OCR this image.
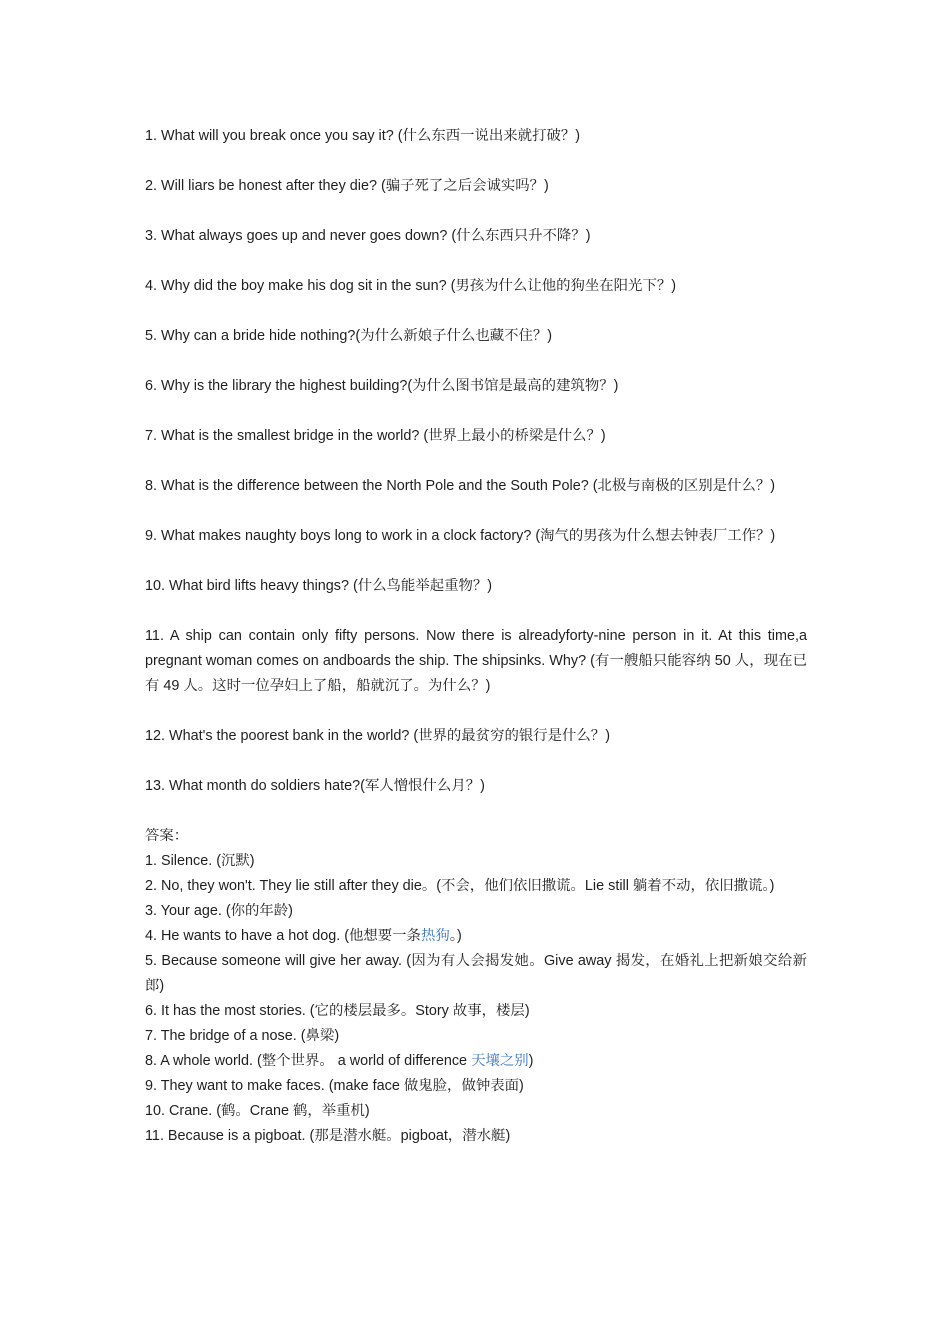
1. What will you break once you say it? (什么东西一说出来就打破？)

2. Will liars be honest after they die? (骗子死了之后会诚实吗？)

3. What always goes up and never goes down? (什么东西只升不降？)

4. Why did the boy make his dog sit in the sun? (男孩为什么让他的狗坐在阳光下？)

5. Why can a bride hide nothing?(为什么新娘子什么也藏不住？)

6. Why is the library the highest building?(为什么图书馆是最高的建筑物？)

7. What is the smallest bridge in the world? (世界上最小的桥梁是什么？)

8. What is the difference between the North Pole and the South Pole? (北极与南极的区别是什么？)

9. What makes naughty boys long to work in a clock factory? (淘气的男孩为什么想去钟表厂工作？)

10. What bird lifts heavy things? (什么鸟能举起重物？)

11. A ship can contain only fifty persons. Now there is alreadyforty-nine person in it. At this time,a pregnant woman comes on andboards the ship. The shipsinks. Why? (有一艘船只能容纳 50 人，现在已有 49 人。这时一位孕妇上了船，船就沉了。为什么？)

12. What's the poorest bank in the world? (世界的最贫穷的银行是什么？)

13. What month do soldiers hate?(军人憎恨什么月？)

答案：

1. Silence. (沉默)

2. No, they won't. They lie still after they die。(不会，他们依旧撒谎。Lie still 躺着不动，依旧撒谎。)

3. Your age. (你的年龄)

4. He wants to have a hot dog. (他想要一条热狗。)

5. Because someone will give her away. (因为有人会揭发她。Give away 揭发，在婚礼上把新娘交给新郎)

6. It has the most stories. (它的楼层最多。Story 故事，楼层)

7. The bridge of a nose. (鼻梁)

8. A whole world. (整个世界。 a world of difference 天壤之别)

9. They want to make faces. (make face 做鬼脸，做钟表面)

10. Crane. (鹤。Crane 鹤，举重机)

11. Because is a pigboat. (那是潜水艇。pigboat，潜水艇)
